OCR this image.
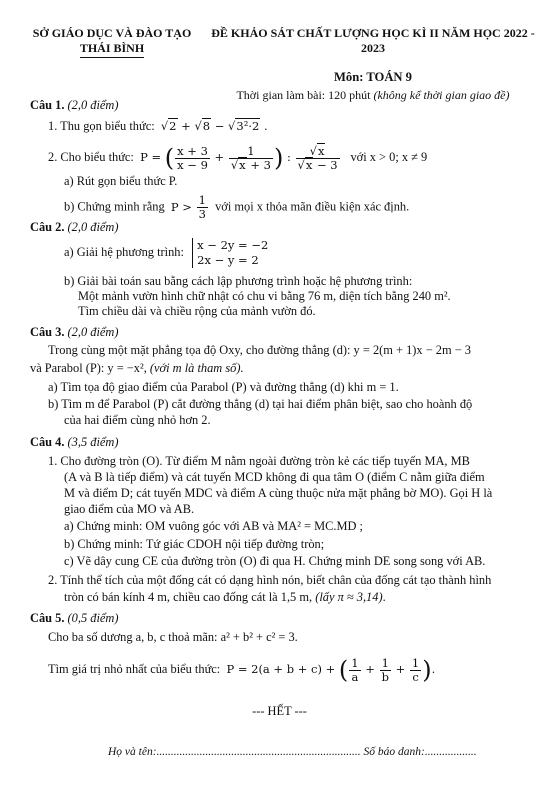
SỞ GIÁO DỤC VÀ ĐÀO TẠO
THÁI BÌNH
ĐỀ KHẢO SÁT CHẤT LƯỢNG HỌC KÌ II NĂM HỌC 2022 - 2023
Môn: TOÁN 9
Thời gian làm bài: 120 phút (không kể thời gian giao đề)
Câu 1. (2,0 điểm)
1. Thu gọn biểu thức: √2 + √8 − √3²·2 .
2. Cho biểu thức: P = ( $\frac{x + 3}{x - 9} + \frac{1}{√x + 3}$ ) : $\frac{√x}{√x - 3}$ với x > 0; x ≠ 9
a) Rút gọn biểu thức P.
b) Chứng minh rằng $P > \frac{1}{3}$ với mọi x thỏa mãn điều kiện xác định.
Câu 2. (2,0 điểm)
a) Giải hệ phương trình: x − 2y = −2
2x − y = 2
b) Giải bài toán sau bằng cách lập phương trình hoặc hệ phương trình:
Một mảnh vườn hình chữ nhật có chu vi bằng 76 m, diện tích bằng 240 m².
Tìm chiều dài và chiều rộng của mảnh vườn đó.
Câu 3. (2,0 điểm)
Trong cùng một mặt phẳng tọa độ Oxy, cho đường thẳng (d): y = 2(m + 1)x − 2m − 3
và Parabol (P): y = −x², (với m là tham số).
a) Tìm tọa độ giao điểm của Parabol (P) và đường thẳng (d) khi m = 1.
b) Tìm m để Parabol (P) cắt đường thẳng (d) tại hai điểm phân biệt, sao cho hoành độ
của hai điểm cùng nhỏ hơn 2.
Câu 4. (3,5 điểm)
1. Cho đường tròn (O). Từ điểm M nằm ngoài đường tròn kẻ các tiếp tuyến MA, MB
(A và B là tiếp điểm) và cát tuyến MCD không đi qua tâm O (điểm C nằm giữa điểm
M và điểm D; cát tuyến MDC và điểm A cùng thuộc nửa mặt phẳng bờ MO). Gọi H là
giao điểm của MO và AB.
a) Chứng minh: OM vuông góc với AB và MA² = MC.MD ;
b) Chứng minh: Tứ giác CDOH nội tiếp đường tròn;
c) Vẽ dây cung CE của đường tròn (O) đi qua H. Chứng minh DE song song với AB.
2. Tính thể tích của một đống cát có dạng hình nón, biết chân của đống cát tạo thành hình
tròn có bán kính 4 m, chiều cao đống cát là 1,5 m, (lấy π ≈ 3,14).
Câu 5. (0,5 điểm)
Cho ba số dương a, b, c thoả mãn: a² + b² + c² = 3.
Tìm giá trị nhỏ nhất của biểu thức: P = 2(a + b + c) + ( $\frac{1}{a} + \frac{1}{b} + \frac{1}{c}$ ).
--- HẾT ---
Họ và tên:....................................................................... Số báo danh:..................
